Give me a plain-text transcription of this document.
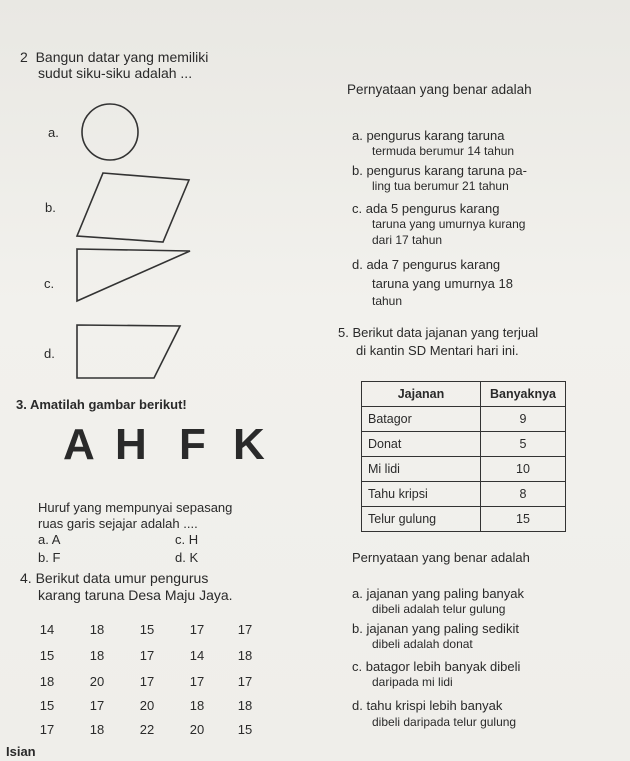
2 Bangun datar yang memiliki
sudut siku-siku adalah ...
a.
b.
c.
d.
3. Amatilah gambar berikut!
A H F K
Huruf yang mempunyai sepasang
ruas garis sejajar adalah ....
a. A	c. H
b. F	d. K
4. Berikut data umur pengurus
karang taruna Desa Maju Jaya.
14	18	15	17	17
15	18	17	14	18
18	20	17	17	17
15	17	20	18	18
17	18	22	20	15
Isian
Pernyataan yang benar adalah
a. pengurus karang taruna
termuda berumur 14 tahun
b. pengurus karang taruna pa-
ling tua berumur 21 tahun
c. ada 5 pengurus karang
taruna yang umurnya kurang
dari 17 tahun
d. ada 7 pengurus karang
taruna yang umurnya 18
tahun
5. Berikut data jajanan yang terjual
di kantin SD Mentari hari ini.
Jajanan	Banyaknya
Batagor	9
Donat	5
Mi lidi	10
Tahu kripsi	8
Telur gulung	15
Pernyataan yang benar adalah
a. jajanan yang paling banyak
dibeli adalah telur gulung
b. jajanan yang paling sedikit
dibeli adalah donat
c. batagor lebih banyak dibeli
daripada mi lidi
d. tahu krispi lebih banyak
dibeli daripada telur gulung
